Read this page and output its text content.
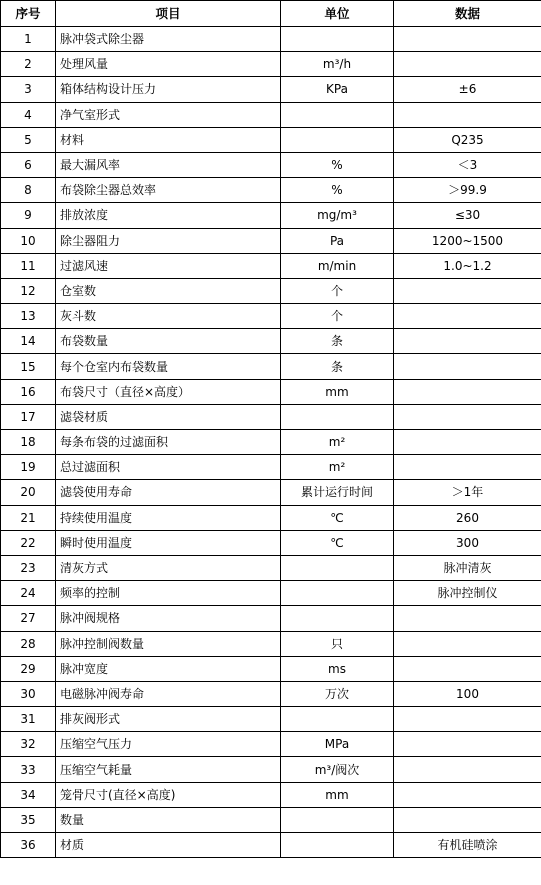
序号	项目	单位	数据
1	脉冲袋式除尘器		
2	处理风量	m³/h	
3	箱体结构设计压力	KPa	±6
4	净气室形式		
5	材料		Q235
6	最大漏风率	%	＜3
8	布袋除尘器总效率	%	＞99.9
9	排放浓度	mg/m³	≤30
10	除尘器阻力	Pa	1200~1500
11	过滤风速	m/min	1.0~1.2
12	仓室数	个	
13	灰斗数	个	
14	布袋数量	条	
15	每个仓室内布袋数量	条	
16	布袋尺寸（直径×高度）	mm	
17	滤袋材质		
18	每条布袋的过滤面积	m²	
19	总过滤面积	m²	
20	滤袋使用寿命	累计运行时间	＞1年
21	持续使用温度	℃	260
22	瞬时使用温度	℃	300
23	清灰方式		脉冲清灰
24	频率的控制		脉冲控制仪
27	脉冲阀规格		
28	脉冲控制阀数量	只	
29	脉冲宽度	ms	
30	电磁脉冲阀寿命	万次	100
31	排灰阀形式		
32	压缩空气压力	MPa	
33	压缩空气耗量	m³/阀次	
34	笼骨尺寸(直径×高度)	mm	
35	数量		
36	材质		有机硅喷涂
